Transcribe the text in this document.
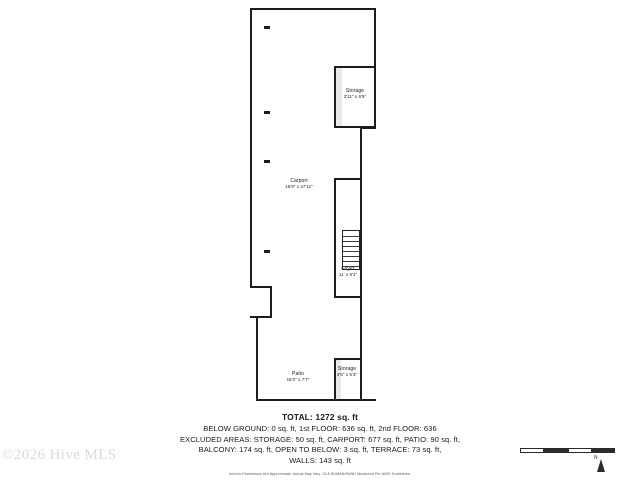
Storage
3'11" x 6'9"
Carport
16'9" x 47'11"
Foyer
11' x 8'1"
Storage
4'6" x 5'3"
Patio
16'0" x 7'7"
TOTAL: 1272 sq. ft
BELOW GROUND: 0 sq. ft, 1st FLOOR: 636 sq. ft, 2nd FLOOR: 636
EXCLUDED AREAS: STORAGE: 50 sq. ft, CARPORT: 677 sq. ft, PATIO: 90 sq. ft,
BALCONY: 174 sq. ft, OPEN TO BELOW: 3 sq. ft, TERRACE: 73 sq. ft,
WALLS: 143 sq. ft
Interior Dimensions Are Approximate. Actual May Vary. GLA HUMAN/RAND Measured Per ANSI Guidelines.
©2026 Hive MLS	N
